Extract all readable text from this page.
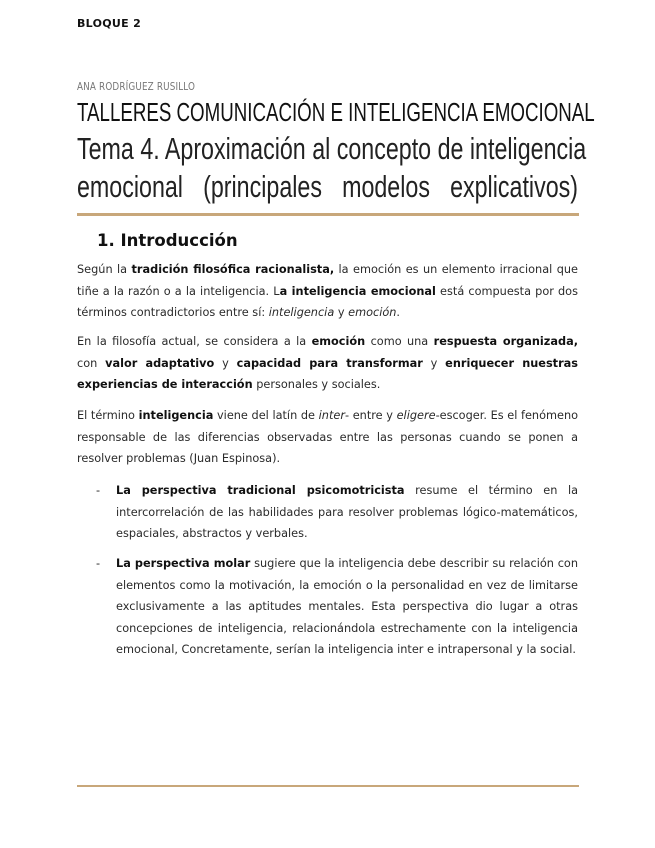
BLOQUE 2
ANA RODRÍGUEZ RUSILLO
TALLERES COMUNICACIÓN E INTELIGENCIA EMOCIONAL
Tema 4. Aproximación al concepto de inteligencia
emocional (principales modelos explicativos)
1. Introducción
Según la tradición filosófica racionalista, la emoción es un elemento irracional que tiñe a la razón o a la inteligencia. La inteligencia emocional está compuesta por dos términos contradictorios entre sí: inteligencia y emoción.
En la filosofía actual, se considera a la emoción como una respuesta organizada, con valor adaptativo y capacidad para transformar y enriquecer nuestras experiencias de interacción personales y sociales.
El término inteligencia viene del latín de inter- entre y eligere-escoger. Es el fenómeno responsable de las diferencias observadas entre las personas cuando se ponen a resolver problemas (Juan Espinosa).
- La perspectiva tradicional psicomotricista resume el término en la intercorrelación de las habilidades para resolver problemas lógico-matemáticos, espaciales, abstractos y verbales.
- La perspectiva molar sugiere que la inteligencia debe describir su relación con elementos como la motivación, la emoción o la personalidad en vez de limitarse exclusivamente a las aptitudes mentales. Esta perspectiva dio lugar a otras concepciones de inteligencia, relacionándola estrechamente con la inteligencia emocional, Concretamente, serían la inteligencia inter e intrapersonal y la social.
